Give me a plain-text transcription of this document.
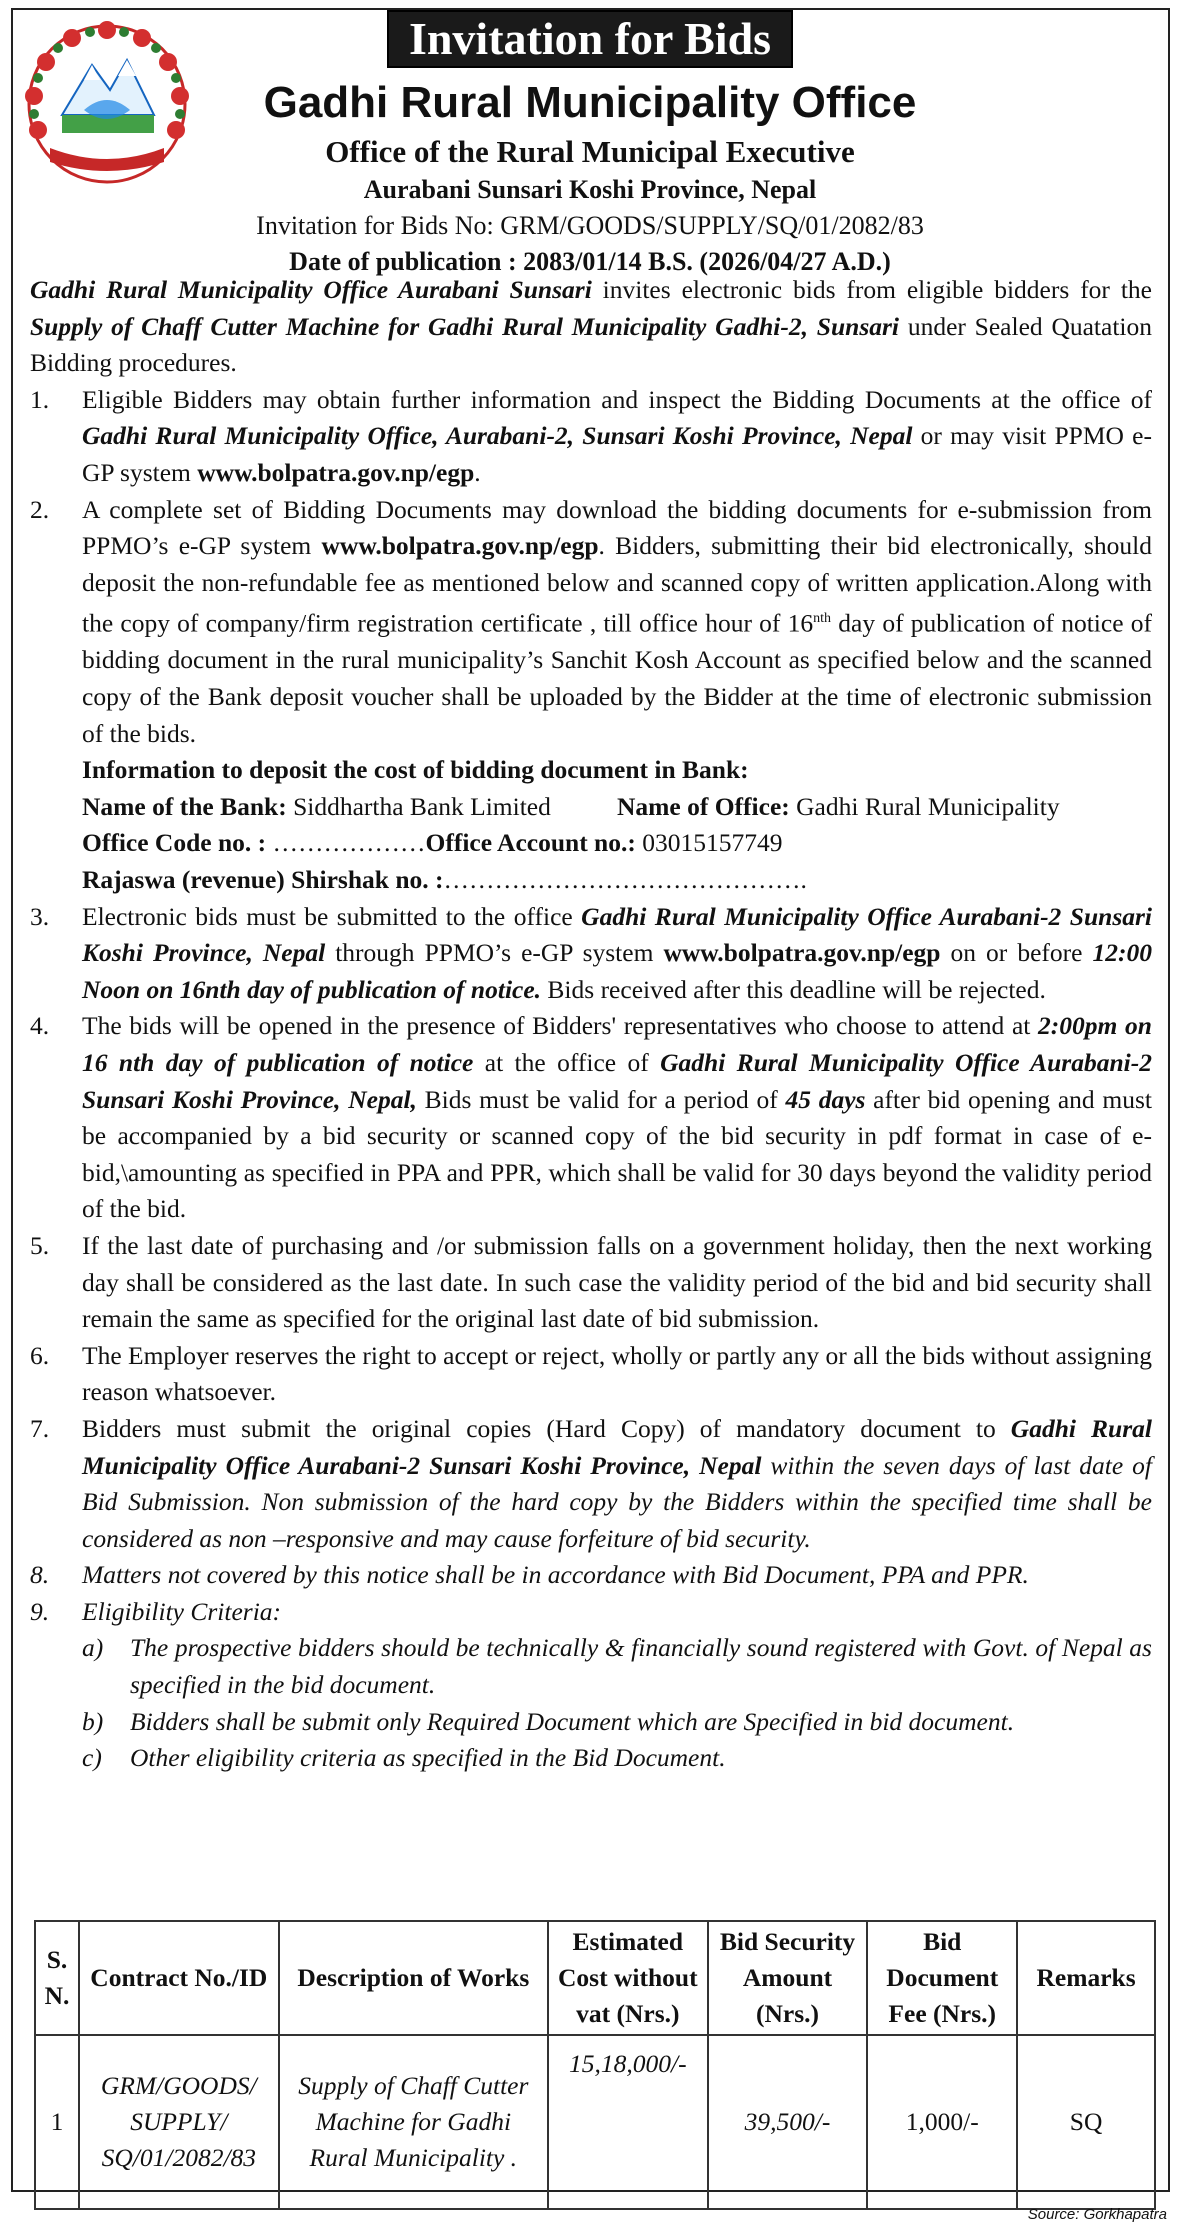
Invitation for Bids
Gadhi Rural Municipality Office
Office of the Rural Municipal Executive
Aurabani Sunsari Koshi Province, Nepal
Invitation for Bids No: GRM/GOODS/SUPPLY/SQ/01/2082/83
Date of publication : 2083/01/14 B.S. (2026/04/27 A.D.)

Gadhi Rural Municipality Office Aurabani Sunsari invites electronic bids from eligible bidders for the Supply of Chaff Cutter Machine for Gadhi Rural Municipality Gadhi-2, Sunsari under Sealed Quatation Bidding procedures.

1.	Eligible Bidders may obtain further information and inspect the Bidding Documents at the office of Gadhi Rural Municipality Office, Aurabani-2, Sunsari Koshi Province, Nepal or may visit PPMO e-GP system www.bolpatra.gov.np/egp.
2.	A complete set of Bidding Documents may download the bidding documents for e-submission from PPMO’s e-GP system www.bolpatra.gov.np/egp. Bidders, submitting their bid electronically, should deposit the non-refundable fee as mentioned below and scanned copy of written application.Along with the copy of company/firm registration certificate , till office hour of $16^{nth}$ day of publication of notice of bidding document in the rural municipality’s Sanchit Kosh Account as specified below and the scanned copy of the Bank deposit voucher shall be uploaded by the Bidder at the time of electronic submission of the bids.
Information to deposit the cost of bidding document in Bank:
Name of the Bank: Siddhartha Bank Limited	Name of Office: Gadhi Rural Municipality
Office Code no. : ………………Office Account no.: 03015157749
Rajaswa (revenue) Shirshak no. :…………………………………….
3.	Electronic bids must be submitted to the office Gadhi Rural Municipality Office Aurabani-2 Sunsari Koshi Province, Nepal through PPMO’s e-GP system www.bolpatra.gov.np/egp on or before 12:00 Noon on 16nth day of publication of notice. Bids received after this deadline will be rejected.
4.	The bids will be opened in the presence of Bidders' representatives who choose to attend at 2:00pm on 16 nth day of publication of notice at the office of Gadhi Rural Municipality Office Aurabani-2 Sunsari Koshi Province, Nepal, Bids must be valid for a period of 45 days after bid opening and must be accompanied by a bid security or scanned copy of the bid security in pdf format in case of e-bid,\amounting as specified in PPA and PPR, which shall be valid for 30 days beyond the validity period of the bid.
5.	If the last date of purchasing and /or submission falls on a government holiday, then the next working day shall be considered as the last date. In such case the validity period of the bid and bid security shall remain the same as specified for the original last date of bid submission.
6.	The Employer reserves the right to accept or reject, wholly or partly any or all the bids without assigning reason whatsoever.
7.	Bidders must submit the original copies (Hard Copy) of mandatory document to Gadhi Rural Municipality Office Aurabani-2 Sunsari Koshi Province, Nepal within the seven days of last date of Bid Submission. Non submission of the hard copy by the Bidders within the specified time shall be considered as non –responsive and may cause forfeiture of bid security.
8.	Matters not covered by this notice shall be in accordance with Bid Document, PPA and PPR.
9.	Eligibility Criteria:
a)	The prospective bidders should be technically & financially sound registered with Govt. of Nepal as specified in the bid document.
b)	Bidders shall be submit only Required Document which are Specified in bid document.
c)	Other eligibility criteria as specified in the Bid Document.
S. N.	Contract No./ID	Description of Works	Estimated Cost without vat (Nrs.)	Bid Security Amount (Nrs.)	Bid Document Fee (Nrs.)	Remarks
1	GRM/GOODS/ SUPPLY/ SQ/01/2082/83	Supply of Chaff Cutter Machine for Gadhi Rural Municipality .	15,18,000/-	39,500/-	1,000/-	SQ
Source: Gorkhapatra
